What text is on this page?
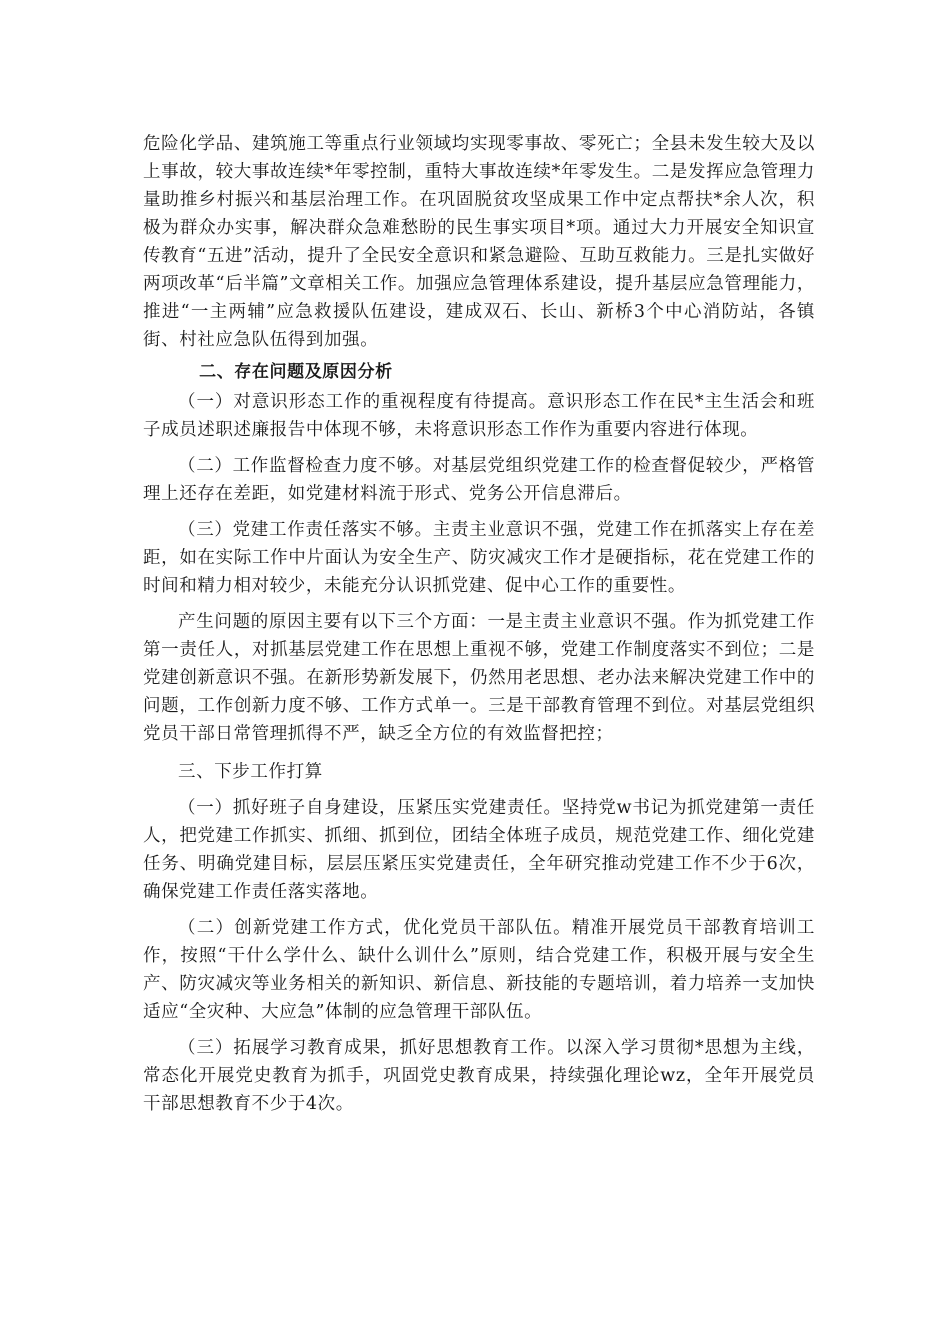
危险化学品、建筑施工等重点行业领域均实现零事故、零死亡；全县未发生较大及以上事故，较大事故连续*年零控制，重特大事故连续*年零发生。二是发挥应急管理力量助推乡村振兴和基层治理工作。在巩固脱贫攻坚成果工作中定点帮扶*余人次，积极为群众办实事，解决群众急难愁盼的民生事实项目*项。通过大力开展安全知识宣传教育“五进”活动，提升了全民安全意识和紧急避险、互助互救能力。三是扎实做好两项改革“后半篇”文章相关工作。加强应急管理体系建设，提升基层应急管理能力，推进“一主两辅”应急救援队伍建设，建成双石、长山、新桥3个中心消防站，各镇街、村社应急队伍得到加强。

二、存在问题及原因分析

（一）对意识形态工作的重视程度有待提高。意识形态工作在民*主生活会和班子成员述职述廉报告中体现不够，未将意识形态工作作为重要内容进行体现。

（二）工作监督检查力度不够。对基层党组织党建工作的检查督促较少，严格管理上还存在差距，如党建材料流于形式、党务公开信息滞后。

（三）党建工作责任落实不够。主责主业意识不强，党建工作在抓落实上存在差距，如在实际工作中片面认为安全生产、防灾减灾工作才是硬指标，花在党建工作的时间和精力相对较少，未能充分认识抓党建、促中心工作的重要性。

产生问题的原因主要有以下三个方面：一是主责主业意识不强。作为抓党建工作第一责任人，对抓基层党建工作在思想上重视不够，党建工作制度落实不到位；二是党建创新意识不强。在新形势新发展下，仍然用老思想、老办法来解决党建工作中的问题，工作创新力度不够、工作方式单一。三是干部教育管理不到位。对基层党组织党员干部日常管理抓得不严，缺乏全方位的有效监督把控；

三、下步工作打算

（一）抓好班子自身建设，压紧压实党建责任。坚持党w书记为抓党建第一责任人，把党建工作抓实、抓细、抓到位，团结全体班子成员，规范党建工作、细化党建任务、明确党建目标，层层压紧压实党建责任，全年研究推动党建工作不少于6次，确保党建工作责任落实落地。

（二）创新党建工作方式，优化党员干部队伍。精准开展党员干部教育培训工作，按照“干什么学什么、缺什么训什么”原则，结合党建工作，积极开展与安全生产、防灾减灾等业务相关的新知识、新信息、新技能的专题培训，着力培养一支加快适应“全灾种、大应急”体制的应急管理干部队伍。

（三）拓展学习教育成果，抓好思想教育工作。以深入学习贯彻*思想为主线，常态化开展党史教育为抓手，巩固党史教育成果，持续强化理论wz，全年开展党员干部思想教育不少于4次。
